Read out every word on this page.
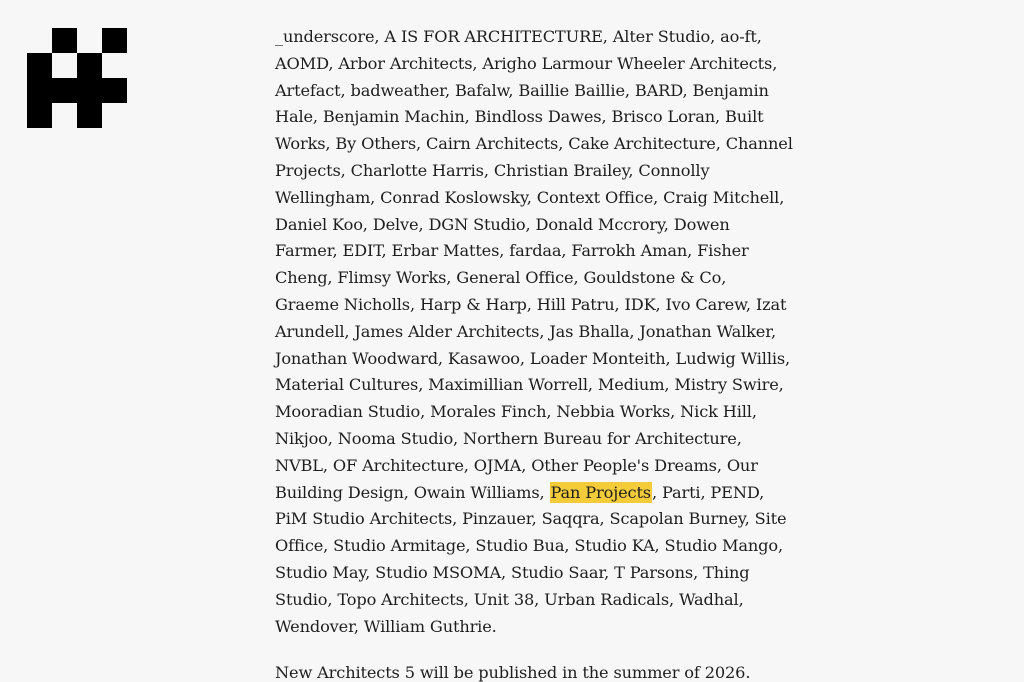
_underscore, A IS FOR ARCHITECTURE, Alter Studio, ao-ft, AOMD, Arbor Architects, Arigho Larmour Wheeler Architects, Artefact, badweather, Bafalw, Baillie Baillie, BARD, Benjamin Hale, Benjamin Machin, Bindloss Dawes, Brisco Loran, Built Works, By Others, Cairn Architects, Cake Architecture, Channel Projects, Charlotte Harris, Christian Brailey, Connolly Wellingham, Conrad Koslowsky, Context Office, Craig Mitchell, Daniel Koo, Delve, DGN Studio, Donald Mccrory, Dowen Farmer, EDIT, Erbar Mattes, fardaa, Farrokh Aman, Fisher Cheng, Flimsy Works, General Office, Gouldstone & Co, Graeme Nicholls, Harp & Harp, Hill Patru, IDK, Ivo Carew, Izat Arundell, James Alder Architects, Jas Bhalla, Jonathan Walker, Jonathan Woodward, Kasawoo, Loader Monteith, Ludwig Willis, Material Cultures, Maximillian Worrell, Medium, Mistry Swire, Mooradian Studio, Morales Finch, Nebbia Works, Nick Hill, Nikjoo, Nooma Studio, Northern Bureau for Architecture, NVBL, OF Architecture, OJMA, Other People's Dreams, Our Building Design, Owain Williams, Pan Projects, Parti, PEND, PiM Studio Architects, Pinzauer, Saqqra, Scapolan Burney, Site Office, Studio Armitage, Studio Bua, Studio KA, Studio Mango, Studio May, Studio MSOMA, Studio Saar, T Parsons, Thing Studio, Topo Architects, Unit 38, Urban Radicals, Wadhal, Wendover, William Guthrie.

New Architects 5 will be published in the summer of 2026.
